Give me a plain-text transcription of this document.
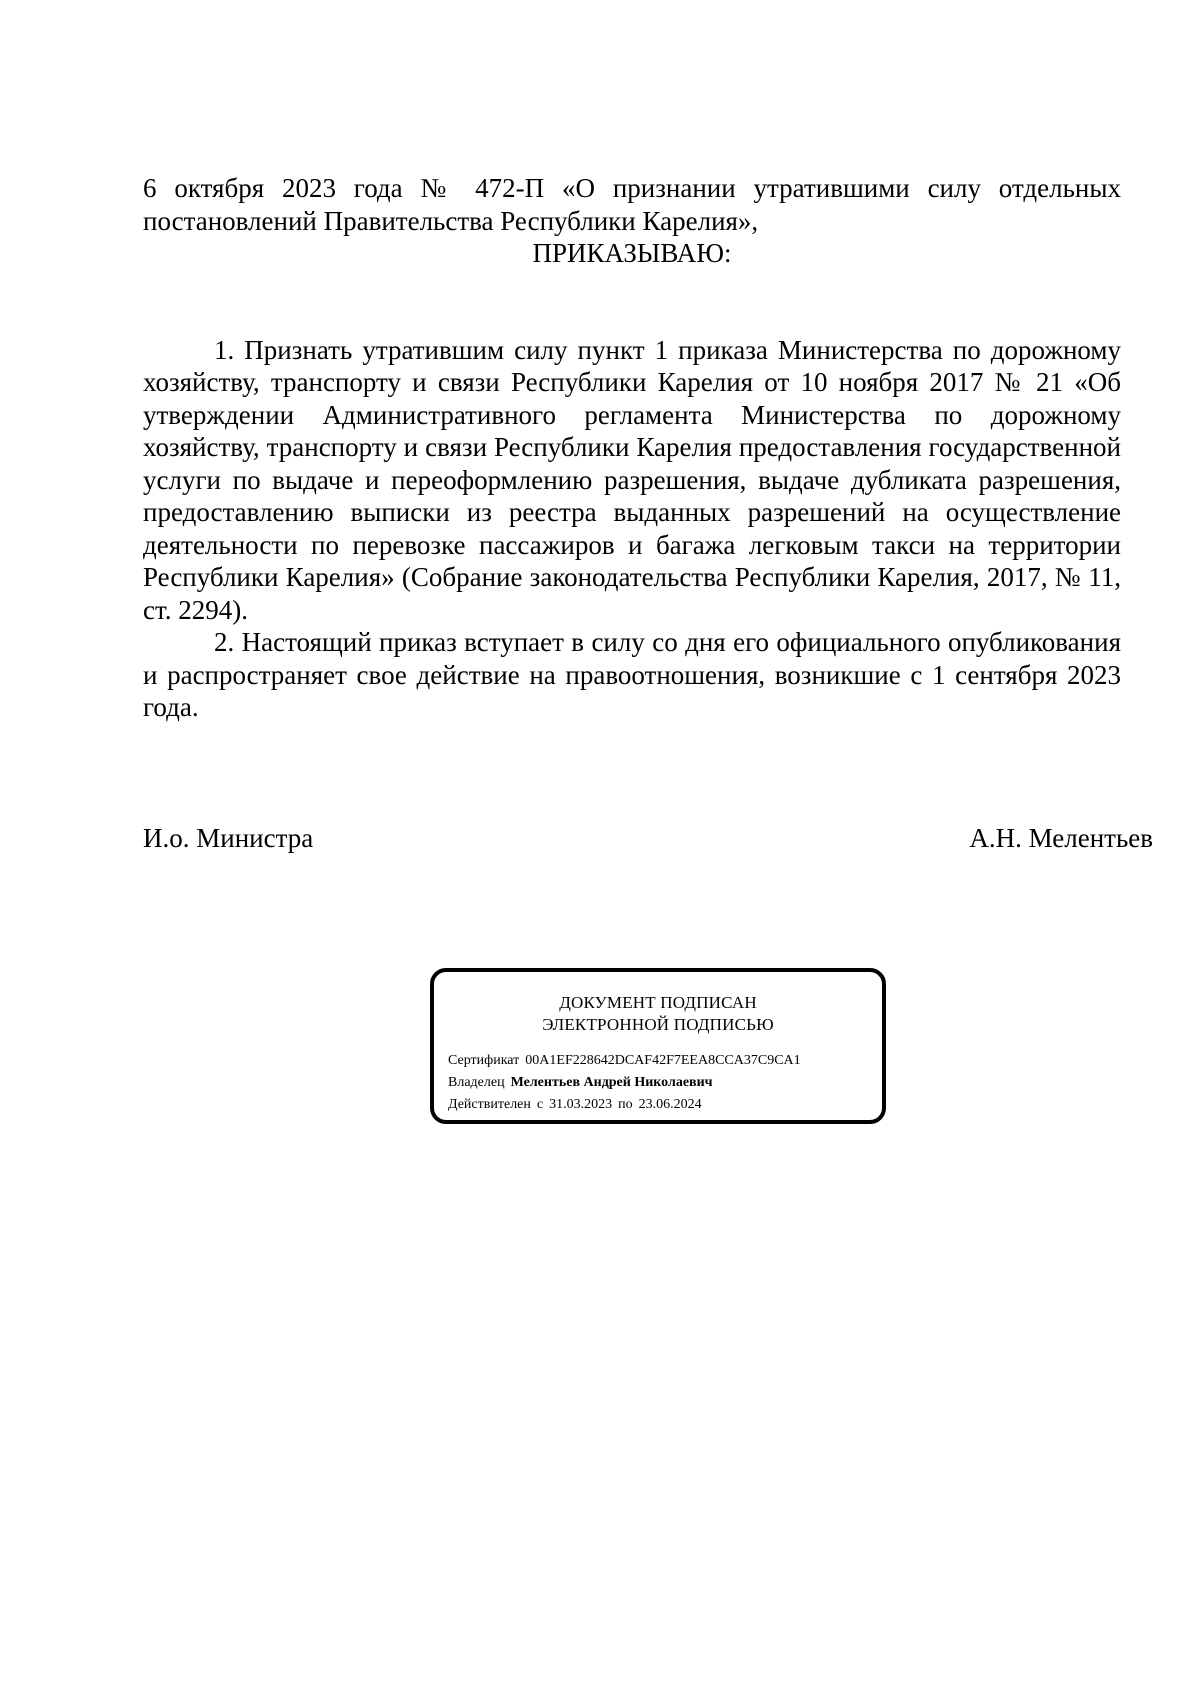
6 октября 2023 года № 472-П «О признании утратившими силу отдельных постановлений Правительства Республики Карелия»,

ПРИКАЗЫВАЮ:

1. Признать утратившим силу пункт 1 приказа Министерства по дорожному хозяйству, транспорту и связи Республики Карелия от 10 ноября 2017 № 21 «Об утверждении Административного регламента Министерства по дорожному хозяйству, транспорту и связи Республики Карелия предоставления государственной услуги по выдаче и переоформлению разрешения, выдаче дубликата разрешения, предоставлению выписки из реестра выданных разрешений на осуществление деятельности по перевозке пассажиров и багажа легковым такси на территории Республики Карелия» (Собрание законодательства Республики Карелия, 2017, № 11, ст. 2294).

2. Настоящий приказ вступает в силу со дня его официального опубликования и распространяет свое действие на правоотношения, возникшие с 1 сентября 2023 года.

И.о. Министра	А.Н. Мелентьев
ДОКУМЕНТ ПОДПИСАН
ЭЛЕКТРОННОЙ ПОДПИСЬЮ
Сертификат 00A1EF228642DCAF42F7EEA8CCA37C9CA1
Владелец Мелентьев Андрей Николаевич
Действителен с 31.03.2023 по 23.06.2024
